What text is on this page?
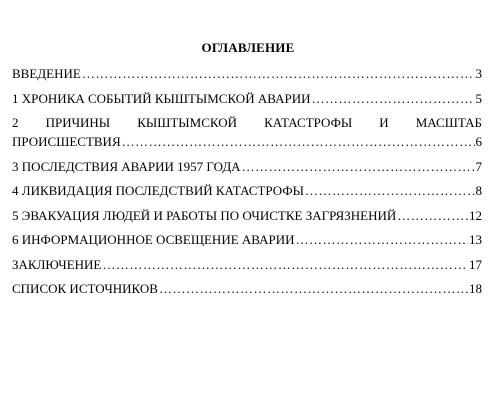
ОГЛАВЛЕНИЕ
ВВЕДЕНИЕ ……………………………………………………………………………………………………………………………………………	3
1 ХРОНИКА СОБЫТИЙ КЫШТЫМСКОЙ АВАРИИ ……………………………………………………………………………………………………………………………………………	5
2 ПРИЧИНЫ КЫШТЫМСКОЙ КАТАСТРОФЫ И МАСШТАБ
ПРОИСШЕСТВИЯ ……………………………………………………………………………………………………………………………………………	6
3 ПОСЛЕДСТВИЯ АВАРИИ 1957 ГОДА ……………………………………………………………………………………………………………………………………………	7
4 ЛИКВИДАЦИЯ ПОСЛЕДСТВИЙ КАТАСТРОФЫ ……………………………………………………………………………………………………………………………………………	8
5 ЭВАКУАЦИЯ ЛЮДЕЙ И РАБОТЫ ПО ОЧИСТКЕ ЗАГРЯЗНЕНИЙ ……………………………………………………………………………………………………………………………………………	12
6 ИНФОРМАЦИОННОЕ ОСВЕЩЕНИЕ АВАРИИ ……………………………………………………………………………………………………………………………………………	13
ЗАКЛЮЧЕНИЕ ……………………………………………………………………………………………………………………………………………	17
СПИСОК ИСТОЧНИКОВ ……………………………………………………………………………………………………………………………………………	18
